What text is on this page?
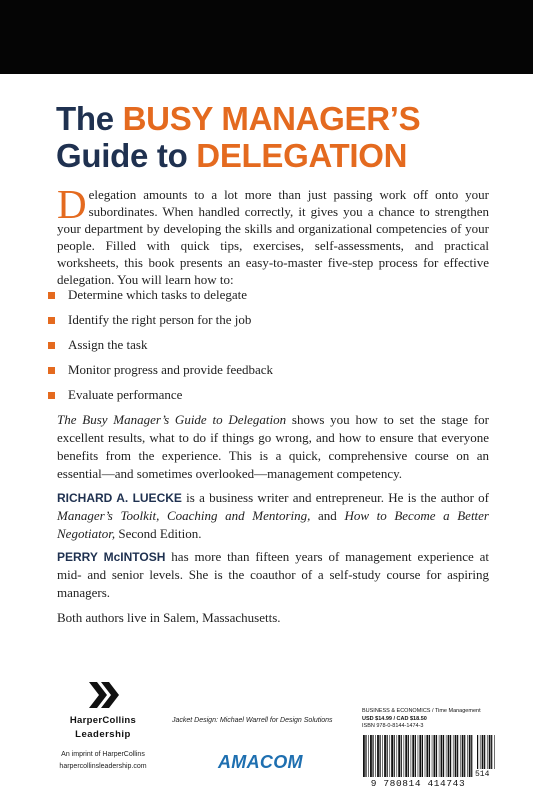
The BUSY MANAGER’S
Guide to DELEGATION
Delegation amounts to a lot more than just passing work off onto your subordinates. When handled correctly, it gives you a chance to strengthen your department by developing the skills and organizational competencies of your people. Filled with quick tips, exercises, self-assessments, and practical worksheets, this book presents an easy-to-master five-step process for effective delegation. You will learn how to:
Determine which tasks to delegate
Identify the right person for the job
Assign the task
Monitor progress and provide feedback
Evaluate performance
The Busy Manager’s Guide to Delegation shows you how to set the stage for excellent results, what to do if things go wrong, and how to ensure that everyone benefits from the experience. This is a quick, comprehensive course on an essential—and sometimes overlooked—management competency.
RICHARD A. LUECKE is a business writer and entrepreneur. He is the author of Manager’s Toolkit, Coaching and Mentoring, and How to Become a Better Negotiator, Second Edition.
PERRY McINTOSH has more than fifteen years of management experience at mid- and senior levels. She is the coauthor of a self-study course for aspiring managers.
Both authors live in Salem, Massachusetts.
HarperCollins
Leadership
An imprint of HarperCollins
harpercollinsleadership.com
Jacket Design: Michael Warrell for Design Solutions
AMACOM
BUSINESS & ECONOMICS / Time Management
USD $14.99 / CAD $18.50
ISBN 978-0-8144-1474-3
9 780814 414743
514
